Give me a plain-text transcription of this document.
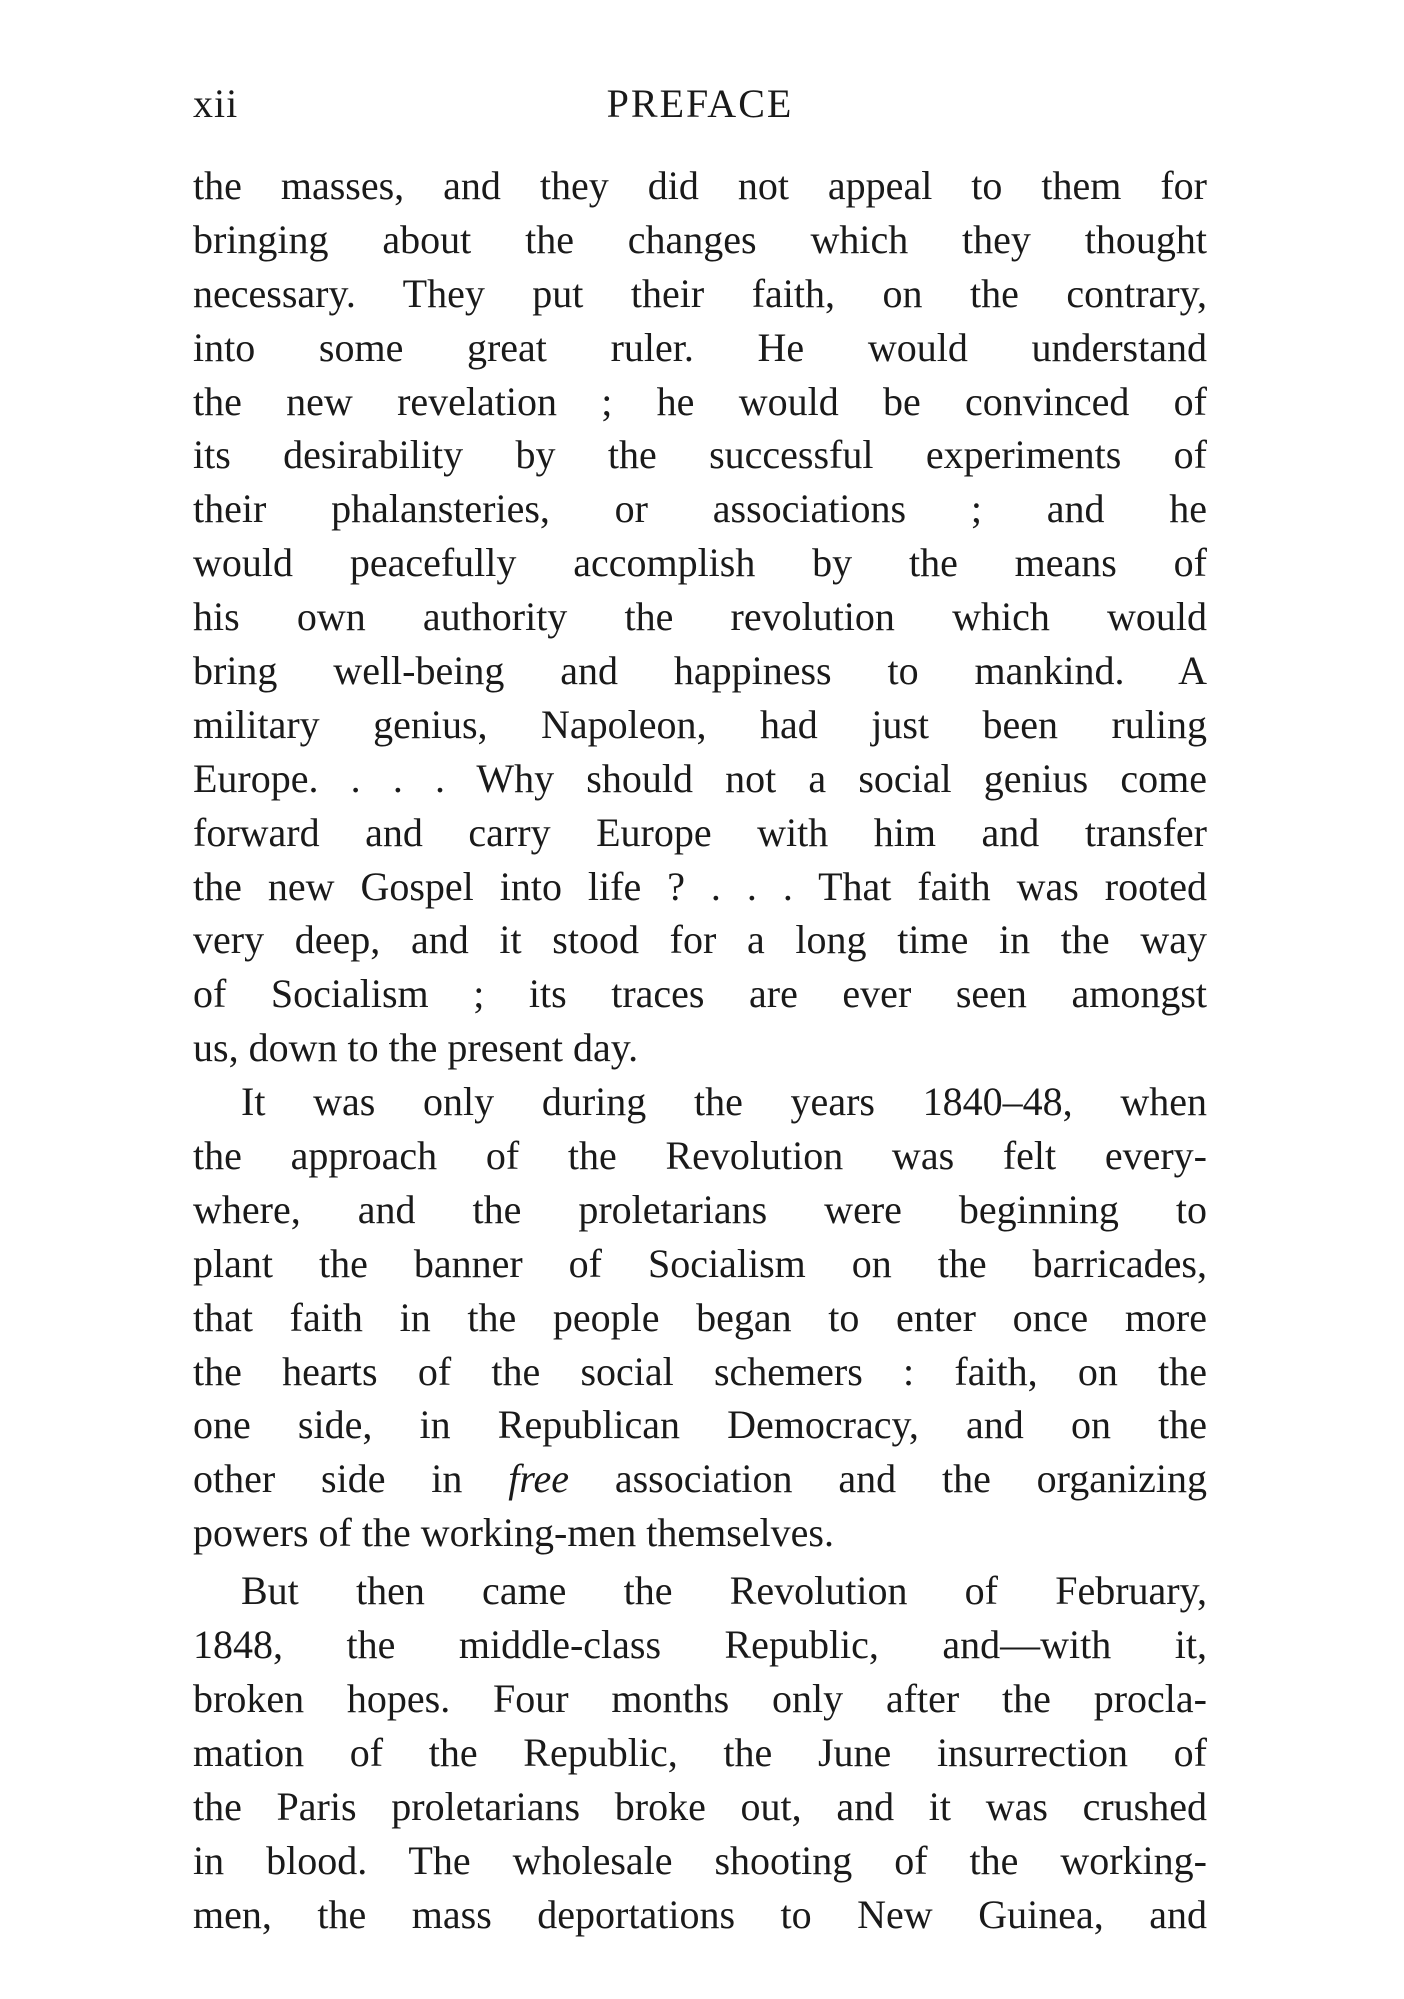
xii	PREFACE
the masses, and they did not appeal to them for
bringing about the changes which they thought
necessary. They put their faith, on the contrary,
into some great ruler. He would understand
the new revelation ; he would be convinced of
its desirability by the successful experiments of
their phalansteries, or associations ; and he
would peacefully accomplish by the means of
his own authority the revolution which would
bring well-being and happiness to mankind. A
military genius, Napoleon, had just been ruling
Europe. . . . Why should not a social genius come
forward and carry Europe with him and transfer
the new Gospel into life ? . . . That faith was rooted
very deep, and it stood for a long time in the way
of Socialism ; its traces are ever seen amongst
us, down to the present day.
It was only during the years 1840–48, when
the approach of the Revolution was felt every-
where, and the proletarians were beginning to
plant the banner of Socialism on the barricades,
that faith in the people began to enter once more
the hearts of the social schemers : faith, on the
one side, in Republican Democracy, and on the
other side in free association and the organizing
powers of the working-men themselves.
But then came the Revolution of February,
1848, the middle-class Republic, and—with it,
broken hopes. Four months only after the procla-
mation of the Republic, the June insurrection of
the Paris proletarians broke out, and it was crushed
in blood. The wholesale shooting of the working-
men, the mass deportations to New Guinea, and
